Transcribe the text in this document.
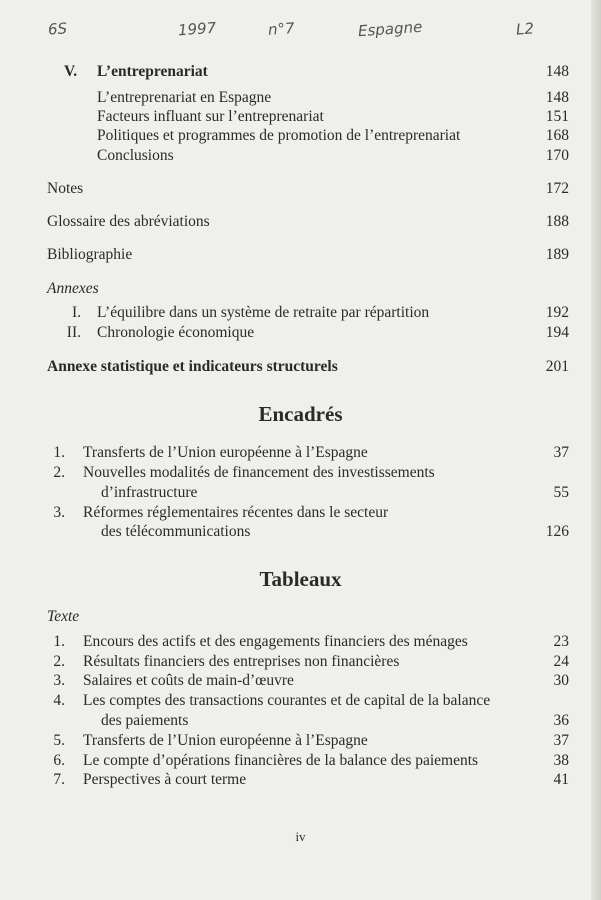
6S	1997	n°7	Espagne	L2
V. L’entreprenariat	148
L’entreprenariat en Espagne	148
Facteurs influant sur l’entreprenariat	151
Politiques et programmes de promotion de l’entreprenariat	168
Conclusions	170
Notes	172
Glossaire des abréviations	188
Bibliographie	189
Annexes
I. L’équilibre dans un système de retraite par répartition	192
II. Chronologie économique	194
Annexe statistique et indicateurs structurels	201
Encadrés
1. Transferts de l’Union européenne à l’Espagne	37
2. Nouvelles modalités de financement des investissements
d’infrastructure	55
3. Réformes réglementaires récentes dans le secteur
des télécommunications	126
Tableaux
Texte
1. Encours des actifs et des engagements financiers des ménages	23
2. Résultats financiers des entreprises non financières	24
3. Salaires et coûts de main-d’œuvre	30
4. Les comptes des transactions courantes et de capital de la balance
des paiements	36
5. Transferts de l’Union européenne à l’Espagne	37
6. Le compte d’opérations financières de la balance des paiements	38
7. Perspectives à court terme	41
iv
